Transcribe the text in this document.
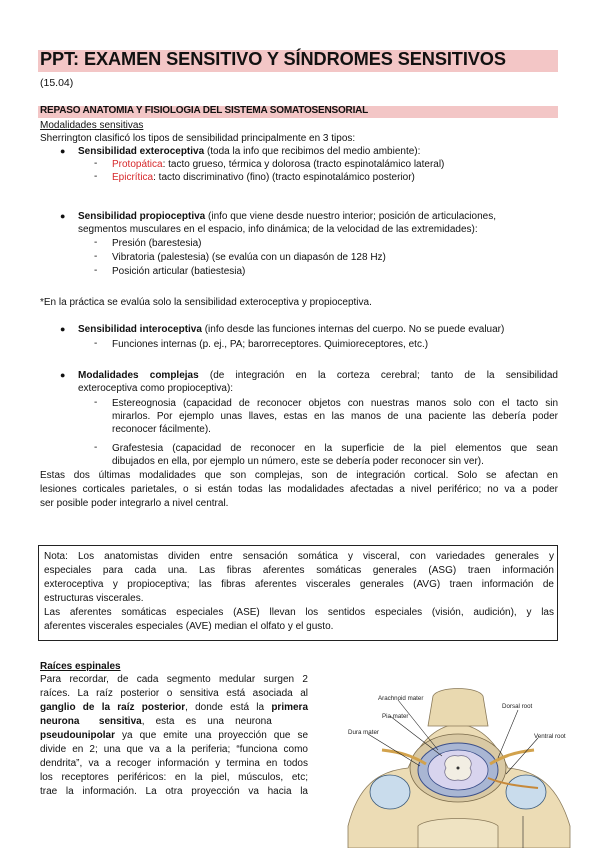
PPT: EXAMEN SENSITIVO Y SÍNDROMES SENSITIVOS
(15.04)
REPASO ANATOMIA Y FISIOLOGIA DEL SISTEMA SOMATOSENSORIAL
Modalidades sensitivas
Sherrington clasificó los tipos de sensibilidad principalmente en 3 tipos:
● Sensibilidad exteroceptiva (toda la info que recibimos del medio ambiente):
- Protopática: tacto grueso, térmica y dolorosa (tracto espinotalámico lateral)
- Epicrítica: tacto discriminativo (fino) (tracto espinotalámico posterior)
● Sensibilidad propioceptiva (info que viene desde nuestro interior; posición de articulaciones,
segmentos musculares en el espacio, info dinámica; de la velocidad de las extremidades):
- Presión (barestesia)
- Vibratoria (palestesia) (se evalúa con un diapasón de 128 Hz)
- Posición articular (batiestesia)
*En la práctica se evalúa solo la sensibilidad exteroceptiva y propioceptiva.
● Sensibilidad interoceptiva (info desde las funciones internas del cuerpo. No se puede evaluar)
- Funciones internas (p. ej., PA; barorreceptores. Quimioreceptores, etc.)
● Modalidades complejas (de integración en la corteza cerebral; tanto de la sensibilidad
exteroceptiva como propioceptiva):
- Estereognosia (capacidad de reconocer objetos con nuestras manos solo con el tacto sin
mirarlos. Por ejemplo unas llaves, estas en las manos de una paciente las debería poder
reconocer fácilmente).
- Grafestesia (capacidad de reconocer en la superficie de la piel elementos que sean
dibujados en ella, por ejemplo un número, este se debería poder reconocer sin ver).
Estas dos últimas modalidades que son complejas, son de integración cortical. Solo se afectan en
lesiones corticales parietales, o si están todas las modalidades afectadas a nivel periférico; no va a poder
ser posible poder integrarlo a nivel central.
Nota: Los anatomistas dividen entre sensación somática y visceral, con variedades generales y
especiales para cada una. Las fibras aferentes somáticas generales (ASG) traen información
exteroceptiva y propioceptiva; las fibras aferentes viscerales generales (AVG) traen información de
estructuras viscerales.
Las aferentes somáticas especiales (ASE) llevan los sentidos especiales (visión, audición), y las
aferentes viscerales especiales (AVE) median el olfato y el gusto.
Raíces espinales
Para recordar, de cada segmento medular surgen 2
raíces. La raíz posterior o sensitiva está asociada al
ganglio de la raíz posterior, donde está la primera
neurona       sensitiva,    esta    es    una    neurona
pseudounipolar ya que emite una proyección que se
divide en 2; una que va a la periferia; “funciona como
dendrita”, va a recoger información y termina en todos
los receptores periféricos: en la piel, músculos, etc;
trae la información. La otra proyección va hacia la
Arachnoid mater
Pia mater
Dura mater
Dorsal root
Ventral root
